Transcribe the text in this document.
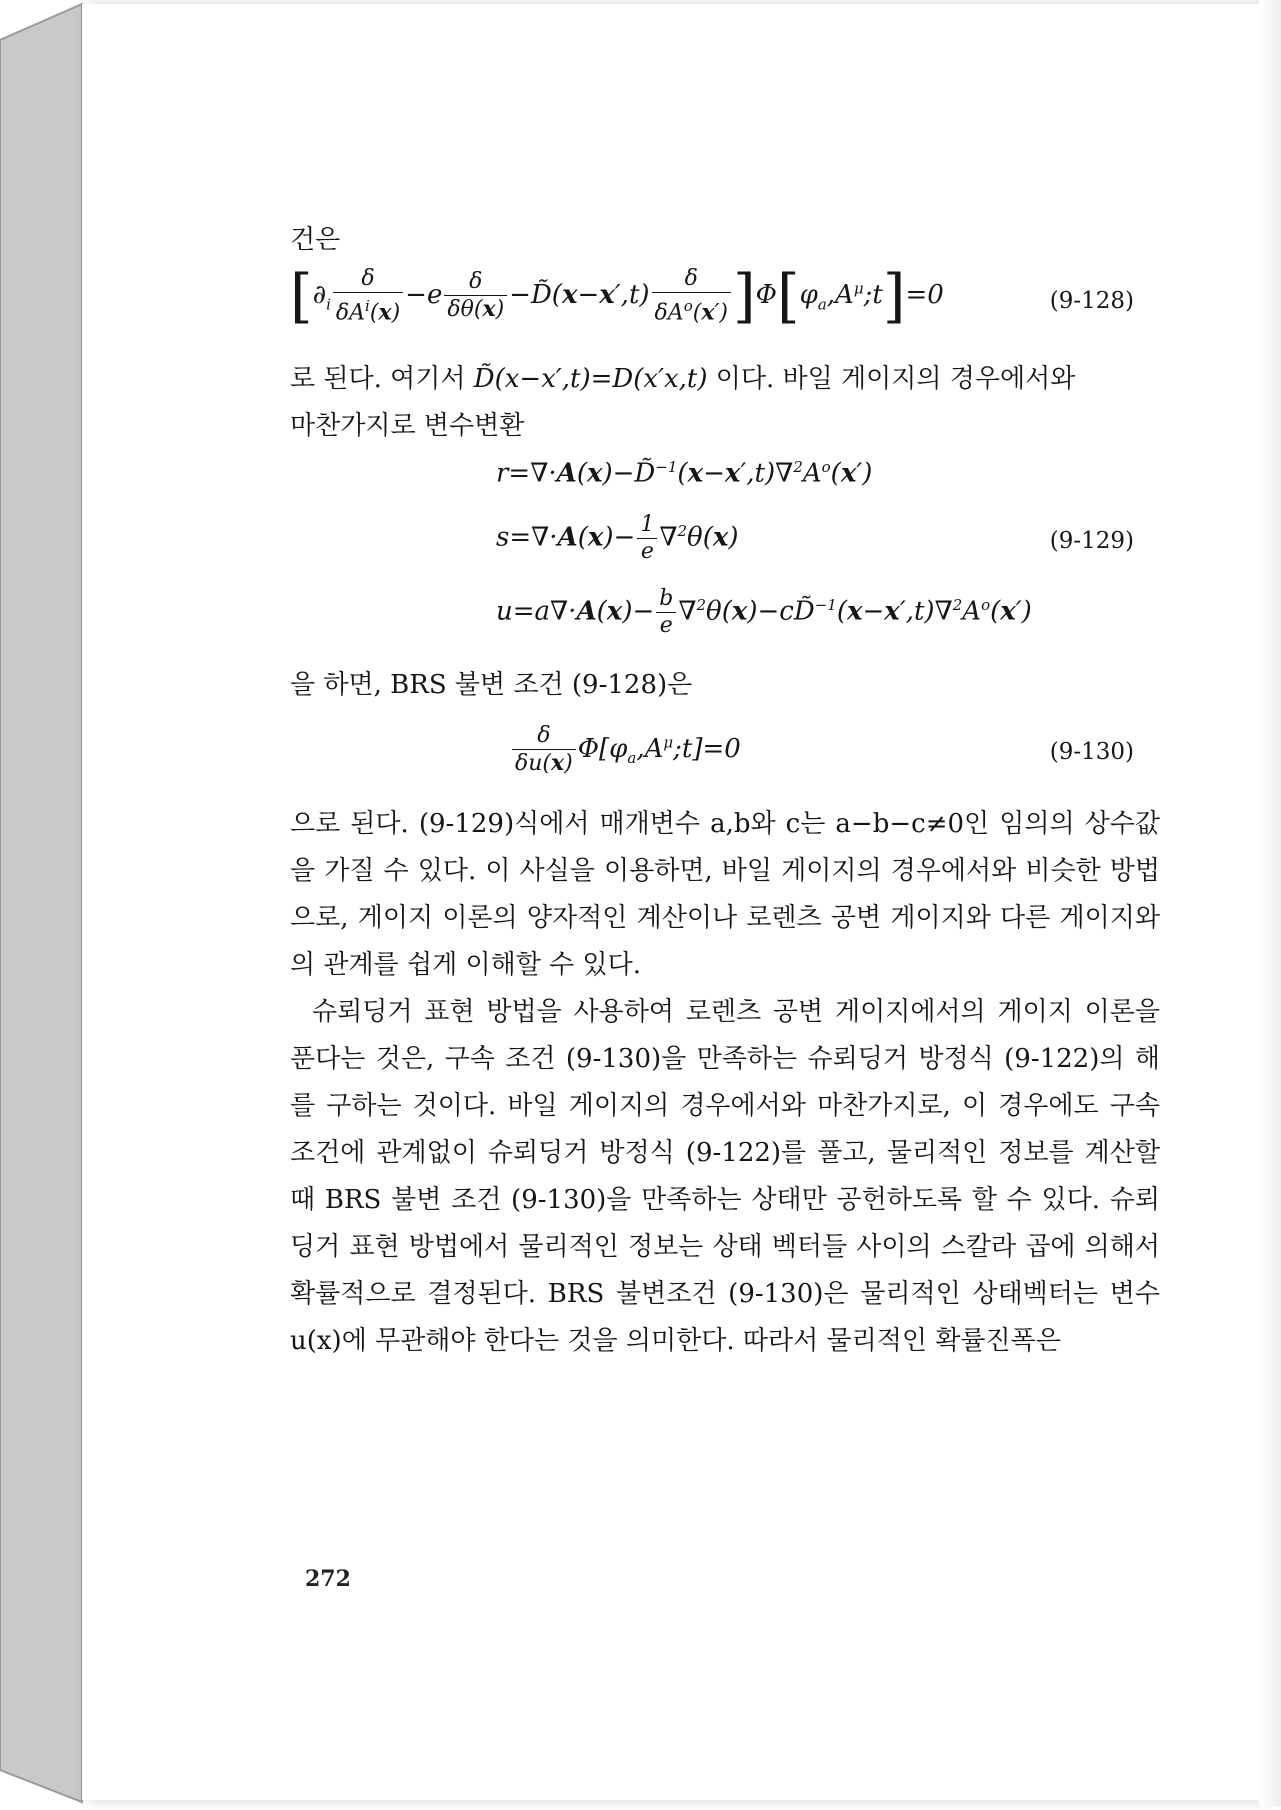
건은

[$\partial_i \frac{\delta}{\delta A^i(x)} -e \frac{\delta}{\delta\theta(x)}$ −D̃(x−x′,t) $\frac{\delta}{\delta A^o(x')}$ ]$\Phi[\varphi_a,A^\mu;t]=0$	(9-128)

로 된다. 여기서 D̃(x−x′,t)=D(x′x,t) 이다. 바일 게이지의 경우에서와

마찬가지로 변수변환

$r=\nabla\cdot A(x)-D̃^{-1}(x-x',t)\nabla^2A^o(x')$
$s=\nabla\cdot A(x)- \frac{1}{e} \nabla^2\theta(x)$	(9-129)
$u=a\nabla\cdot A(x)- \frac{b}{e}$ $\nabla^2\theta(x)-cD̃^{-1}(x-x',t)\nabla^2A^o(x')$

을 하면, BRS 불변 조건 (9-128)은

$\frac{\delta}{\delta u(x)}$ $\Phi[\varphi_a,A^\mu;t]=0$	(9-130)

으로 된다. (9-129)식에서 매개변수 a,b와 c는 a−b−c≠0인 임의의 상수값을 가질 수 있다. 이 사실을 이용하면, 바일 게이지의 경우에서와 비슷한 방법으로, 게이지 이론의 양자적인 계산이나 로렌츠 공변 게이지와 다른 게이지와의 관계를 쉽게 이해할 수 있다.

슈뢰딩거 표현 방법을 사용하여 로렌츠 공변 게이지에서의 게이지 이론을 푼다는 것은, 구속 조건 (9-130)을 만족하는 슈뢰딩거 방정식 (9-122)의 해를 구하는 것이다. 바일 게이지의 경우에서와 마찬가지로, 이 경우에도 구속 조건에 관계없이 슈뢰딩거 방정식 (9-122)를 풀고, 물리적인 정보를 계산할 때 BRS 불변 조건 (9-130)을 만족하는 상태만 공헌하도록 할 수 있다. 슈뢰딩거 표현 방법에서 물리적인 정보는 상태 벡터들 사이의 스칼라 곱에 의해서 확률적으로 결정된다. BRS 불변조건 (9-130)은 물리적인 상태벡터는 변수 u(x)에 무관해야 한다는 것을 의미한다. 따라서 물리적인 확률진폭은

272
